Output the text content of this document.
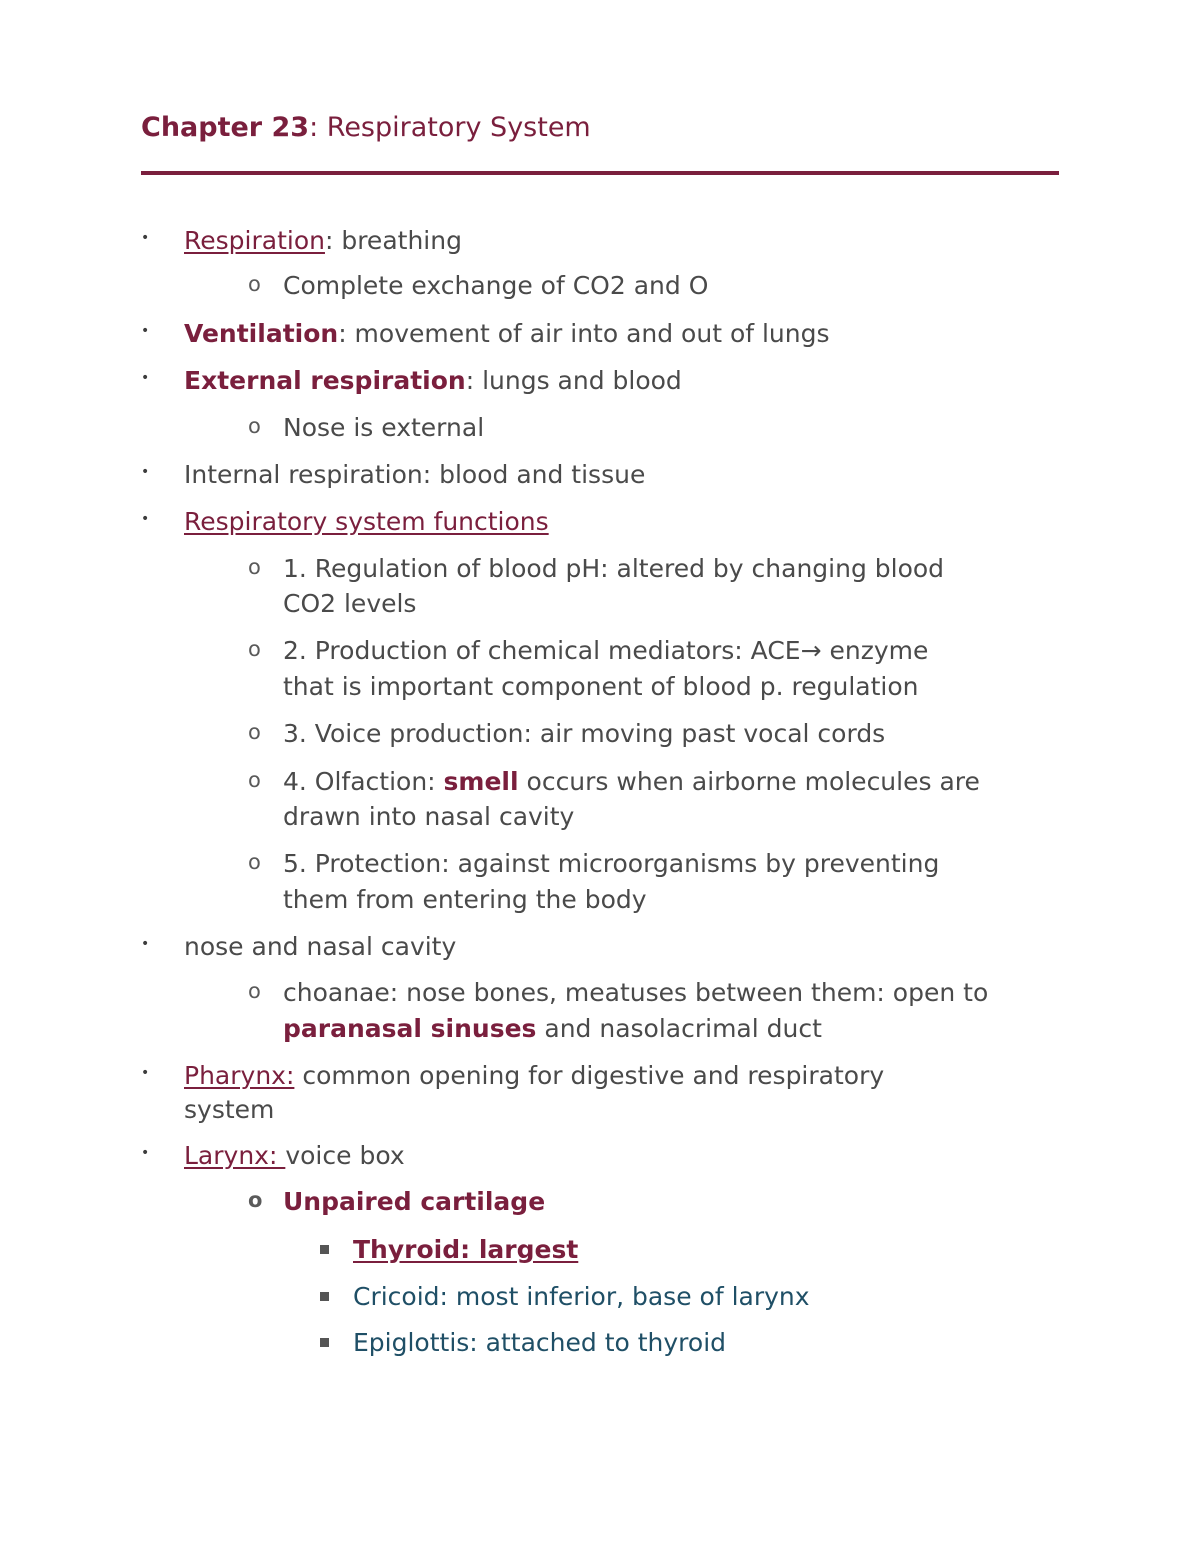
Chapter 23: Respiratory System
• Respiration: breathing
o Complete exchange of CO2 and O
• Ventilation: movement of air into and out of lungs
• External respiration: lungs and blood
o Nose is external
• Internal respiration: blood and tissue
• Respiratory system functions
o 1. Regulation of blood pH: altered by changing blood
CO2 levels
o 2. Production of chemical mediators: ACE→ enzyme
that is important component of blood p. regulation
o 3. Voice production: air moving past vocal cords
o 4. Olfaction: smell occurs when airborne molecules are
drawn into nasal cavity
o 5. Protection: against microorganisms by preventing
them from entering the body
• nose and nasal cavity
o choanae: nose bones, meatuses between them: open to
paranasal sinuses and nasolacrimal duct
• Pharynx: common opening for digestive and respiratory
system
• Larynx: voice box
o Unpaired cartilage
Thyroid: largest
Cricoid: most inferior, base of larynx
Epiglottis: attached to thyroid
